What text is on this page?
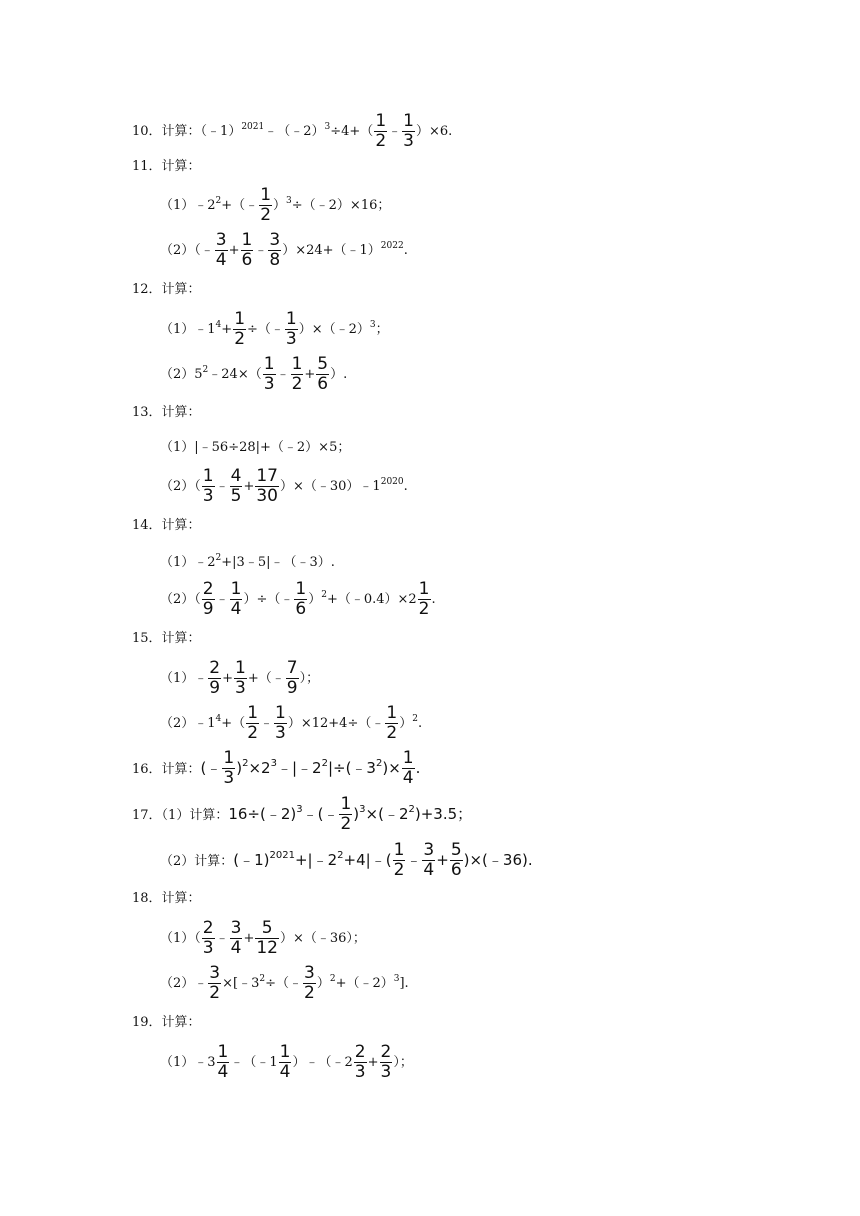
10．计算：（﹣1）$^{2021}$﹣（﹣2）$^3$÷4+（ $\frac{1}{2}$ ﹣ $\frac{1}{3} )\times 6$.
11．计算：
$(1)﹣2^2+(﹣ \frac{1}{2}$ ）$^3$÷（﹣2）×16；
（2）（﹣ $\frac{3}{4} + \frac{1}{6}$ ﹣ $\frac{3}{8}$ ）×24+（﹣1）$^{2022}$.
12．计算：
$(1)﹣1^4+ \frac{1}{2}$ ÷（﹣ $\frac{1}{3}$ ）×（﹣2）$^3$；
$(2)5^2﹣24\times( \frac{1}{3}$ ﹣ $\frac{1}{2} + \frac{5}{6}$ ）.
13．计算：
（1）|﹣56÷28|+（﹣2）×5；
$(2)( \frac{1}{3}$ ﹣ $\frac{4}{5} + \frac{17}{30}$ ）$\times(﹣30)﹣1^{2020}$.
14．计算：
$(1)﹣2^2+|3﹣5|﹣(﹣3)$.
$(2)( \frac{2}{9}$ ﹣ $\frac{1}{4}$ ）÷（﹣ $\frac{1}{6}$ ）$^2$+（﹣0.4）×2 $\frac{1}{2}$ .
15．计算：
（1）﹣ $\frac{2}{9} + \frac{1}{3}$ +（﹣ $\frac{7}{9}$ ）；
$(2)﹣1^4+( \frac{1}{2}$ ﹣ $\frac{1}{3}$ ）×12+4÷（﹣ $\frac{1}{2} )^2$.
16．计算：(﹣ $\frac{1}{3}$ )$^2\times 2^3﹣|﹣2^2|\div(﹣3^2)\times \frac{1}{4}$ .
17．（1）计算：16÷(﹣2)$^3$﹣(﹣ $\frac{1}{2}$ )$^3\times(﹣2^2)+3.5$；
（2）计算：$(﹣1)^{2021}+|﹣2^2+4|﹣( \frac{1}{2}$ ﹣ $\frac{3}{4} + \frac{5}{6}$ )×(﹣36).
18．计算：
$(1)( \frac{2}{3}$ ﹣ $\frac{3}{4} + \frac{5}{12}$ ）×（﹣36）；
（2）﹣ $\frac{3}{2}$ $\times[﹣3^2\div(﹣ \frac{3}{2}$ ）$^2$+（﹣2）$^3$].
19．计算：
（1）﹣3 $\frac{1}{4}$ ﹣（﹣1 $\frac{1}{4}$ ）﹣（﹣2 $\frac{2}{3} + \frac{2}{3}$ ）；
